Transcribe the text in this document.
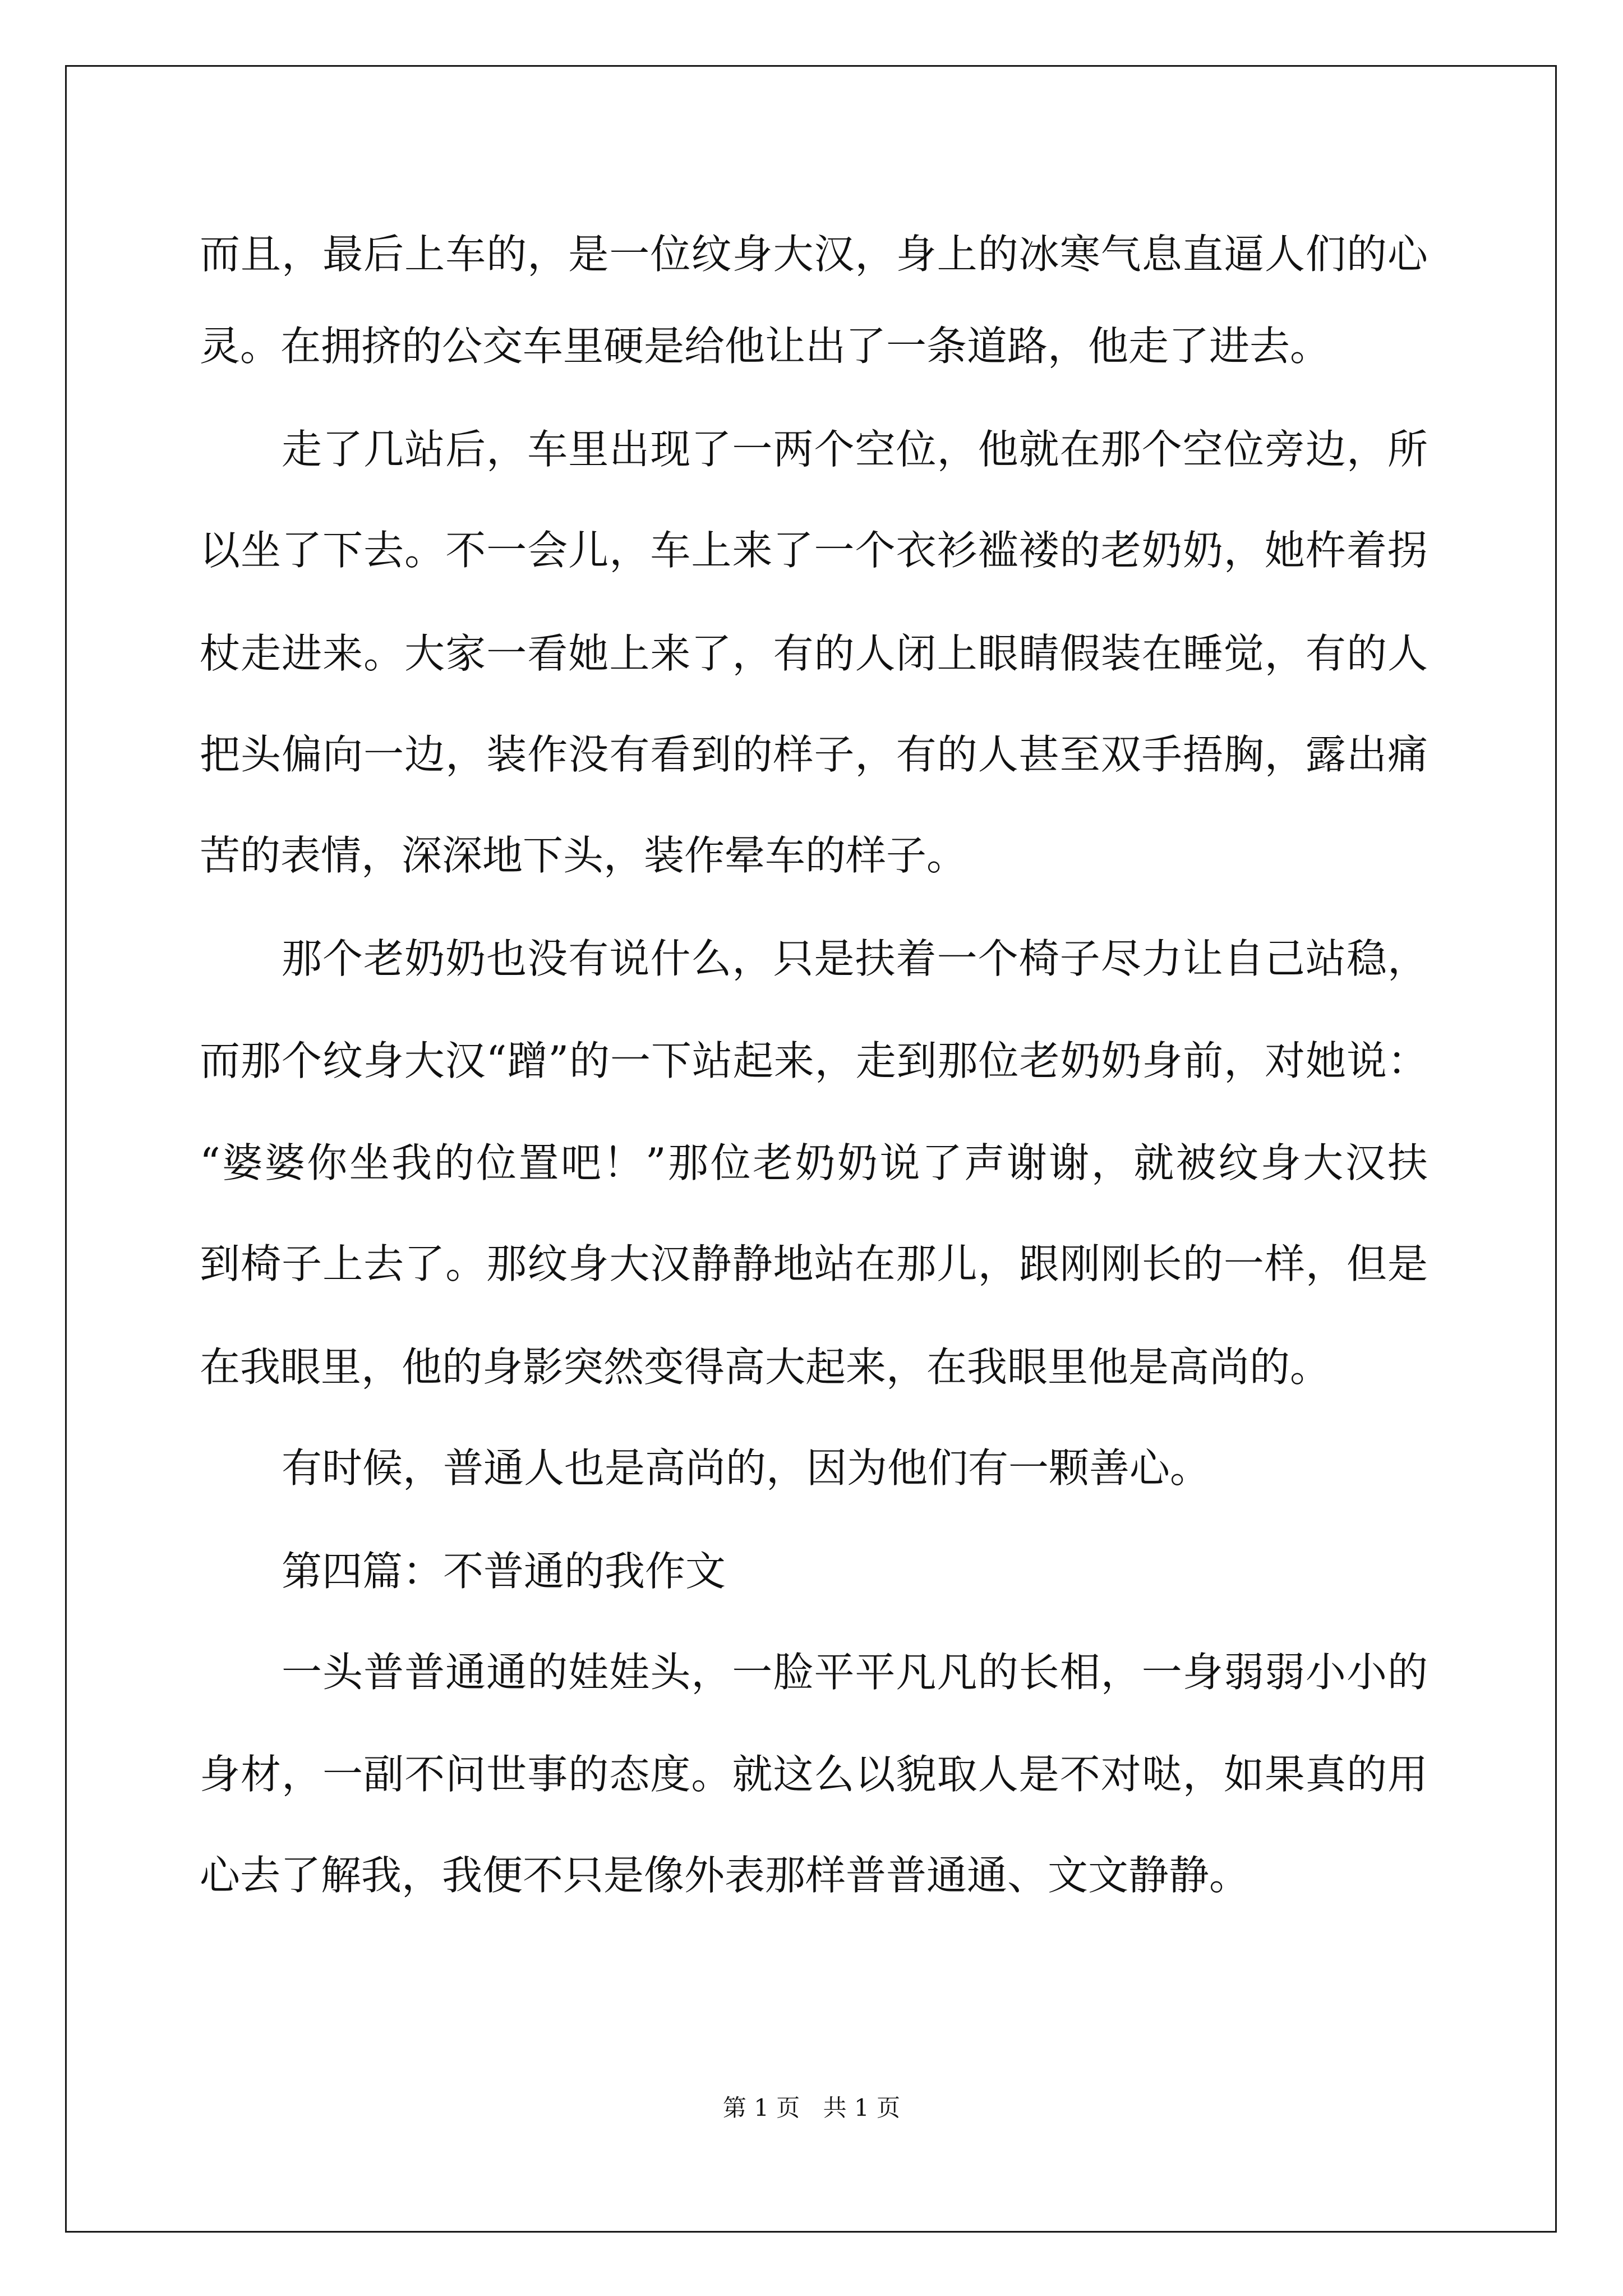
而且，最后上车的，是一位纹身大汉，身上的冰寒气息直逼人们的心
灵。在拥挤的公交车里硬是给他让出了一条道路，他走了进去。
走了几站后，车里出现了一两个空位，他就在那个空位旁边，所
以坐了下去。不一会儿，车上来了一个衣衫褴褛的老奶奶，她杵着拐
杖走进来。大家一看她上来了，有的人闭上眼睛假装在睡觉，有的人
把头偏向一边，装作没有看到的样子，有的人甚至双手捂胸，露出痛
苦的表情，深深地下头，装作晕车的样子。
那个老奶奶也没有说什么，只是扶着一个椅子尽力让自己站稳，
而那个纹身大汉“蹭”的一下站起来，走到那位老奶奶身前，对她说：
“婆婆你坐我的位置吧！”那位老奶奶说了声谢谢，就被纹身大汉扶
到椅子上去了。那纹身大汉静静地站在那儿，跟刚刚长的一样，但是
在我眼里，他的身影突然变得高大起来，在我眼里他是高尚的。
有时候，普通人也是高尚的，因为他们有一颗善心。
第四篇：不普通的我作文
一头普普通通的娃娃头，一脸平平凡凡的长相，一身弱弱小小的
身材，一副不问世事的态度。就这么以貌取人是不对哒，如果真的用
心去了解我，我便不只是像外表那样普普通通、文文静静。
第 1 页 共 1 页
